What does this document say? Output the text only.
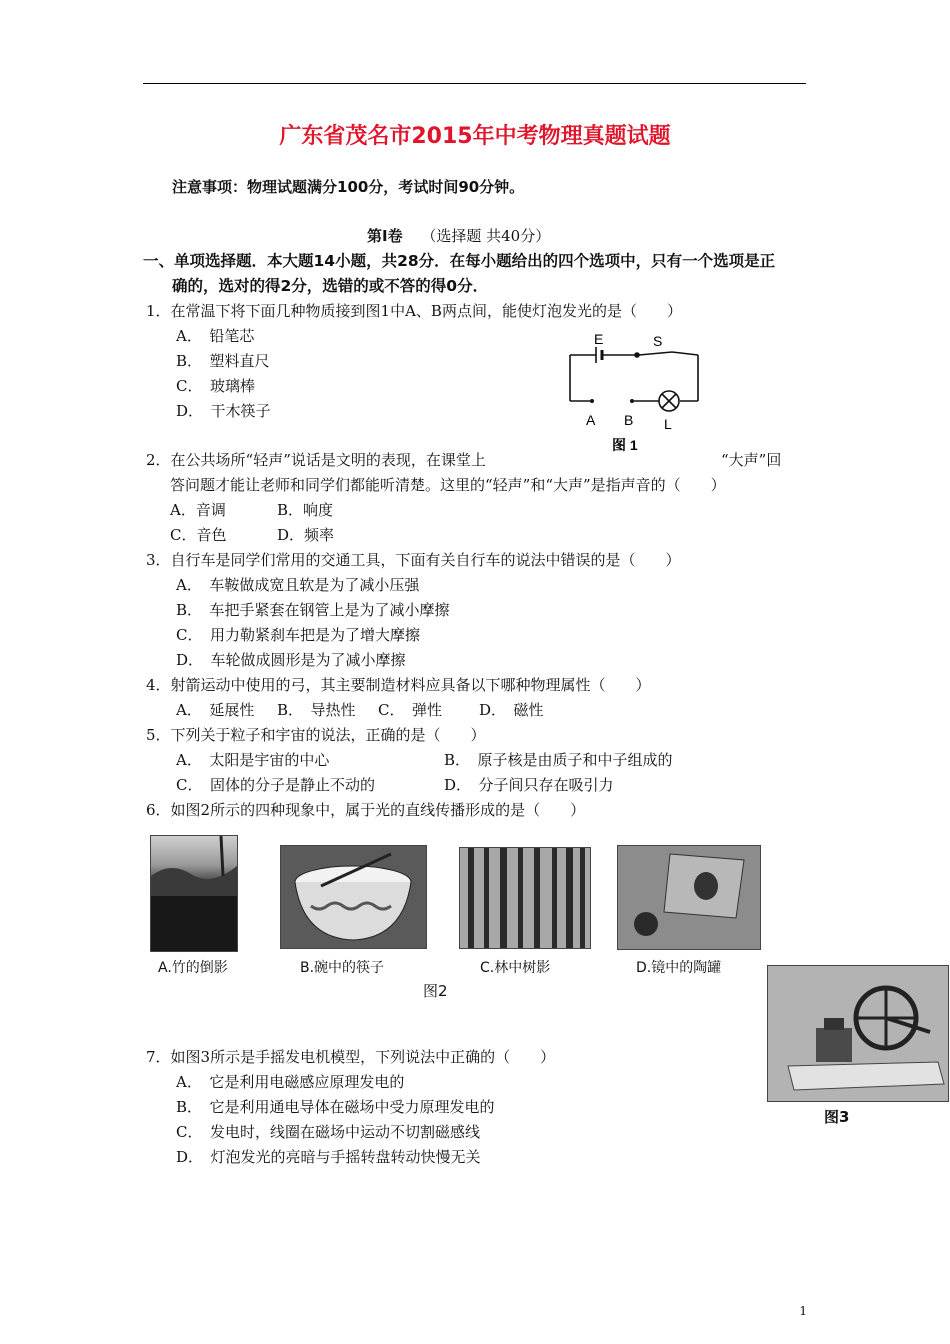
广东省茂名市2015年中考物理真题试题
注意事项：物理试题满分100分，考试时间90分钟。
第Ⅰ卷 （选择题 共40分）
一、单项选择题．本大题14小题，共28分．在每小题给出的四个选项中，只有一个选项是正
确的，选对的得2分，选错的或不答的得0分．
1．在常温下将下面几种物质接到图1中A、B两点间，能使灯泡发光的是（　　）
A．　铅笔芯
B．　塑料直尺
C．　玻璃棒
D．　干木筷子
E	S
A B L
图 1
2．在公共场所“轻声”说话是文明的表现，在课堂上	“大声”回
答问题才能让老师和同学们都能听清楚。这里的“轻声”和“大声”是指声音的（　　）
A．音调	B．响度
C．音色	D．频率
3．自行车是同学们常用的交通工具，下面有关自行车的说法中错误的是（　　）
A．　车鞍做成宽且软是为了减小压强
B．　车把手紧套在钢管上是为了减小摩擦
C．　用力勒紧刹车把是为了增大摩擦
D．　车轮做成圆形是为了减小摩擦
4．射箭运动中使用的弓，其主要制造材料应具备以下哪种物理属性（　　）
A．　延展性 B．　导热性 C．　弹性 D．　磁性
5．下列关于粒子和宇宙的说法，正确的是（　　）
A．　太阳是宇宙的中心	B．　原子核是由质子和中子组成的
C．　固体的分子是静止不动的	D．　分子间只存在吸引力
6．如图2所示的四种现象中，属于光的直线传播形成的是（　　）
A.竹的倒影	B.碗中的筷子	C.林中树影	D.镜中的陶罐
图2
图3
7．如图3所示是手摇发电机模型，下列说法中正确的（　　）
A．　它是利用电磁感应原理发电的
B．　它是利用通电导体在磁场中受力原理发电的
C．　发电时，线圈在磁场中运动不切割磁感线
D．　灯泡发光的亮暗与手摇转盘转动快慢无关
1
